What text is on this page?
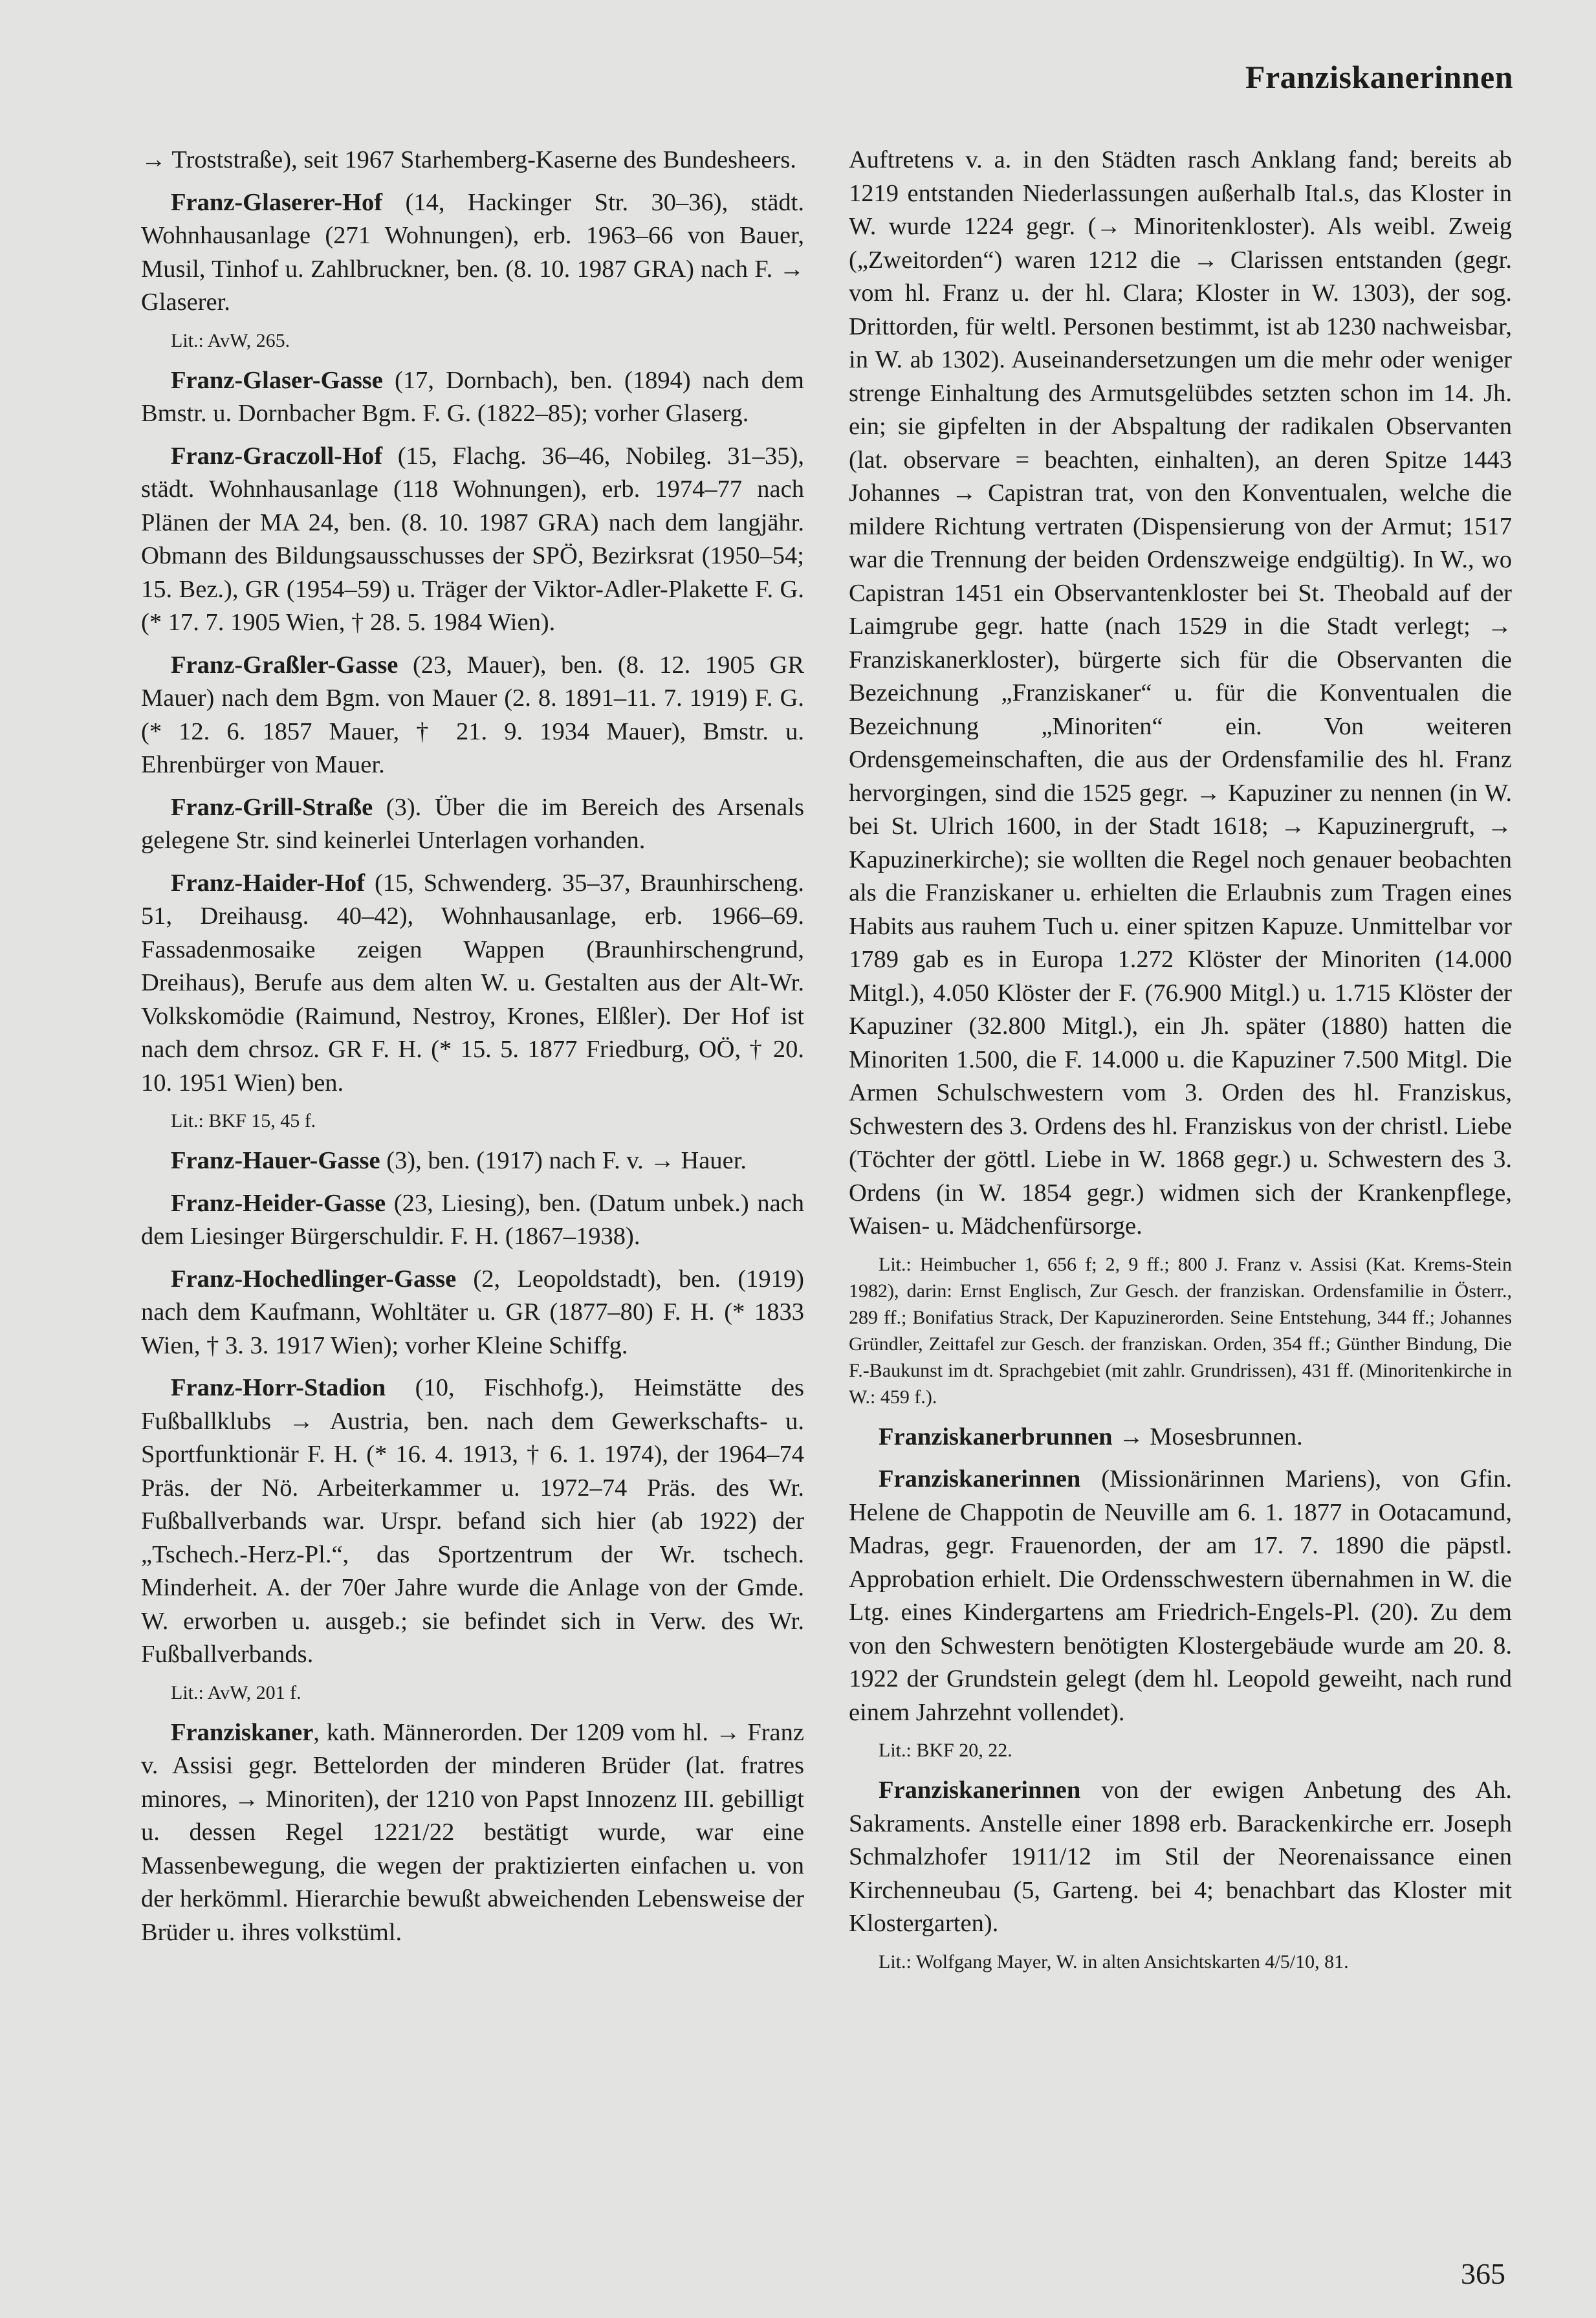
Franziskanerinnen

→ Troststraße), seit 1967 Starhemberg-Kaserne des Bundesheers.

Franz-Glaserer-Hof (14, Hackinger Str. 30–36), städt. Wohnhausanlage (271 Wohnungen), erb. 1963–66 von Bauer, Musil, Tinhof u. Zahlbruckner, ben. (8. 10. 1987 GRA) nach F. → Glaserer.

Lit.: AvW, 265.

Franz-Glaser-Gasse (17, Dornbach), ben. (1894) nach dem Bmstr. u. Dornbacher Bgm. F. G. (1822–85); vorher Glaserg.

Franz-Graczoll-Hof (15, Flachg. 36–46, Nobileg. 31–35), städt. Wohnhausanlage (118 Wohnungen), erb. 1974–77 nach Plänen der MA 24, ben. (8. 10. 1987 GRA) nach dem langjähr. Obmann des Bildungsausschusses der SPÖ, Bezirksrat (1950–54; 15. Bez.), GR (1954–59) u. Träger der Viktor-Adler-Plakette F. G. (* 17. 7. 1905 Wien, † 28. 5. 1984 Wien).

Franz-Graßler-Gasse (23, Mauer), ben. (8. 12. 1905 GR Mauer) nach dem Bgm. von Mauer (2. 8. 1891–11. 7. 1919) F. G. (* 12. 6. 1857 Mauer, † 21. 9. 1934 Mauer), Bmstr. u. Ehrenbürger von Mauer.

Franz-Grill-Straße (3). Über die im Bereich des Arsenals gelegene Str. sind keinerlei Unterlagen vorhanden.

Franz-Haider-Hof (15, Schwenderg. 35–37, Braunhirscheng. 51, Dreihausg. 40–42), Wohnhausanlage, erb. 1966–69. Fassadenmosaike zeigen Wappen (Braunhirschengrund, Dreihaus), Berufe aus dem alten W. u. Gestalten aus der Alt-Wr. Volkskomödie (Raimund, Nestroy, Krones, Elßler). Der Hof ist nach dem chrsoz. GR F. H. (* 15. 5. 1877 Friedburg, OÖ, † 20. 10. 1951 Wien) ben.

Lit.: BKF 15, 45 f.

Franz-Hauer-Gasse (3), ben. (1917) nach F. v. → Hauer.

Franz-Heider-Gasse (23, Liesing), ben. (Datum unbek.) nach dem Liesinger Bürgerschuldir. F. H. (1867–1938).

Franz-Hochedlinger-Gasse (2, Leopoldstadt), ben. (1919) nach dem Kaufmann, Wohltäter u. GR (1877–80) F. H. (* 1833 Wien, † 3. 3. 1917 Wien); vorher Kleine Schiffg.

Franz-Horr-Stadion (10, Fischhofg.), Heimstätte des Fußballklubs → Austria, ben. nach dem Gewerkschafts- u. Sportfunktionär F. H. (* 16. 4. 1913, † 6. 1. 1974), der 1964–74 Präs. der Nö. Arbeiterkammer u. 1972–74 Präs. des Wr. Fußballverbands war. Urspr. befand sich hier (ab 1922) der „Tschech.-Herz-Pl.“, das Sportzentrum der Wr. tschech. Minderheit. A. der 70er Jahre wurde die Anlage von der Gmde. W. erworben u. ausgeb.; sie befindet sich in Verw. des Wr. Fußballverbands.

Lit.: AvW, 201 f.

Franziskaner, kath. Männerorden. Der 1209 vom hl. → Franz v. Assisi gegr. Bettelorden der minderen Brüder (lat. fratres minores, → Minoriten), der 1210 von Papst Innozenz III. gebilligt u. dessen Regel 1221/22 bestätigt wurde, war eine Massenbewegung, die wegen der praktizierten einfachen u. von der herkömml. Hierarchie bewußt abweichenden Lebensweise der Brüder u. ihres volkstüml.

Auftretens v. a. in den Städten rasch Anklang fand; bereits ab 1219 entstanden Niederlassungen außerhalb Ital.s, das Kloster in W. wurde 1224 gegr. (→ Minoritenkloster). Als weibl. Zweig („Zweitorden“) waren 1212 die → Clarissen entstanden (gegr. vom hl. Franz u. der hl. Clara; Kloster in W. 1303), der sog. Drittorden, für weltl. Personen bestimmt, ist ab 1230 nachweisbar, in W. ab 1302). Auseinandersetzungen um die mehr oder weniger strenge Einhaltung des Armutsgelübdes setzten schon im 14. Jh. ein; sie gipfelten in der Abspaltung der radikalen Observanten (lat. observare = beachten, einhalten), an deren Spitze 1443 Johannes → Capistran trat, von den Konventualen, welche die mildere Richtung vertraten (Dispensierung von der Armut; 1517 war die Trennung der beiden Ordenszweige endgültig). In W., wo Capistran 1451 ein Observantenkloster bei St. Theobald auf der Laimgrube gegr. hatte (nach 1529 in die Stadt verlegt; → Franziskanerkloster), bürgerte sich für die Observanten die Bezeichnung „Franziskaner“ u. für die Konventualen die Bezeichnung „Minoriten“ ein. Von weiteren Ordensgemeinschaften, die aus der Ordensfamilie des hl. Franz hervorgingen, sind die 1525 gegr. → Kapuziner zu nennen (in W. bei St. Ulrich 1600, in der Stadt 1618; → Kapuzinergruft, → Kapuzinerkirche); sie wollten die Regel noch genauer beobachten als die Franziskaner u. erhielten die Erlaubnis zum Tragen eines Habits aus rauhem Tuch u. einer spitzen Kapuze. Unmittelbar vor 1789 gab es in Europa 1.272 Klöster der Minoriten (14.000 Mitgl.), 4.050 Klöster der F. (76.900 Mitgl.) u. 1.715 Klöster der Kapuziner (32.800 Mitgl.), ein Jh. später (1880) hatten die Minoriten 1.500, die F. 14.000 u. die Kapuziner 7.500 Mitgl. Die Armen Schulschwestern vom 3. Orden des hl. Franziskus, Schwestern des 3. Ordens des hl. Franziskus von der christl. Liebe (Töchter der göttl. Liebe in W. 1868 gegr.) u. Schwestern des 3. Ordens (in W. 1854 gegr.) widmen sich der Krankenpflege, Waisen- u. Mädchenfürsorge.

Lit.: Heimbucher 1, 656 f; 2, 9 ff.; 800 J. Franz v. Assisi (Kat. Krems-Stein 1982), darin: Ernst Englisch, Zur Gesch. der franziskan. Ordensfamilie in Österr., 289 ff.; Bonifatius Strack, Der Kapuzinerorden. Seine Entstehung, 344 ff.; Johannes Gründler, Zeittafel zur Gesch. der franziskan. Orden, 354 ff.; Günther Bindung, Die F.-Baukunst im dt. Sprachgebiet (mit zahlr. Grundrissen), 431 ff. (Minoritenkirche in W.: 459 f.).

Franziskanerbrunnen → Mosesbrunnen.

Franziskanerinnen (Missionärinnen Mariens), von Gfin. Helene de Chappotin de Neuville am 6. 1. 1877 in Ootacamund, Madras, gegr. Frauenorden, der am 17. 7. 1890 die päpstl. Approbation erhielt. Die Ordensschwestern übernahmen in W. die Ltg. eines Kindergartens am Friedrich-Engels-Pl. (20). Zu dem von den Schwestern benötigten Klostergebäude wurde am 20. 8. 1922 der Grundstein gelegt (dem hl. Leopold geweiht, nach rund einem Jahrzehnt vollendet).

Lit.: BKF 20, 22.

Franziskanerinnen von der ewigen Anbetung des Ah. Sakraments. Anstelle einer 1898 erb. Barackenkirche err. Joseph Schmalzhofer 1911/12 im Stil der Neorenaissance einen Kirchenneubau (5, Garteng. bei 4; benachbart das Kloster mit Klostergarten).

Lit.: Wolfgang Mayer, W. in alten Ansichtskarten 4/5/10, 81.

365
